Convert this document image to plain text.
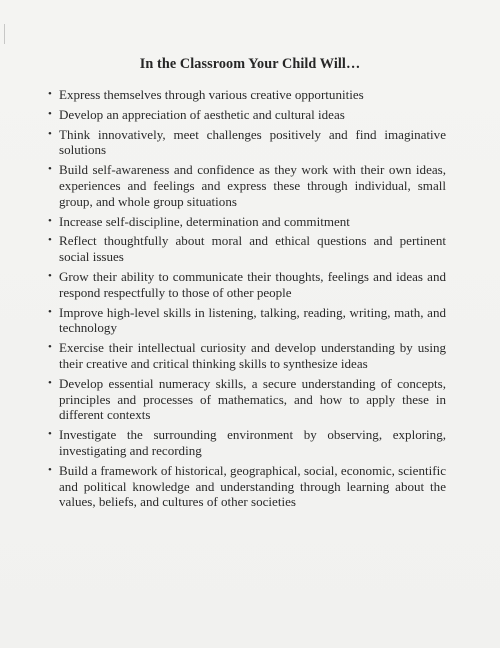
In the Classroom Your Child Will…
• Express themselves through various creative opportunities
• Develop an appreciation of aesthetic and cultural ideas
• Think innovatively, meet challenges positively and find imaginative solutions
• Build self-awareness and confidence as they work with their own ideas, experiences and feelings and express these through individual, small group, and whole group situations
• Increase self-discipline, determination and commitment
• Reflect thoughtfully about moral and ethical questions and pertinent social issues
• Grow their ability to communicate their thoughts, feelings and ideas and respond respectfully to those of other people
• Improve high-level skills in listening, talking, reading, writing, math, and technology
• Exercise their intellectual curiosity and develop understanding by using their creative and critical thinking skills to synthesize ideas
• Develop essential numeracy skills, a secure understanding of concepts, principles and processes of mathematics, and how to apply these in different contexts
• Investigate the surrounding environment by observing, exploring, investigating and recording
• Build a framework of historical, geographical, social, economic, scientific and political knowledge and understanding through learning about the values, beliefs, and cultures of other societies
